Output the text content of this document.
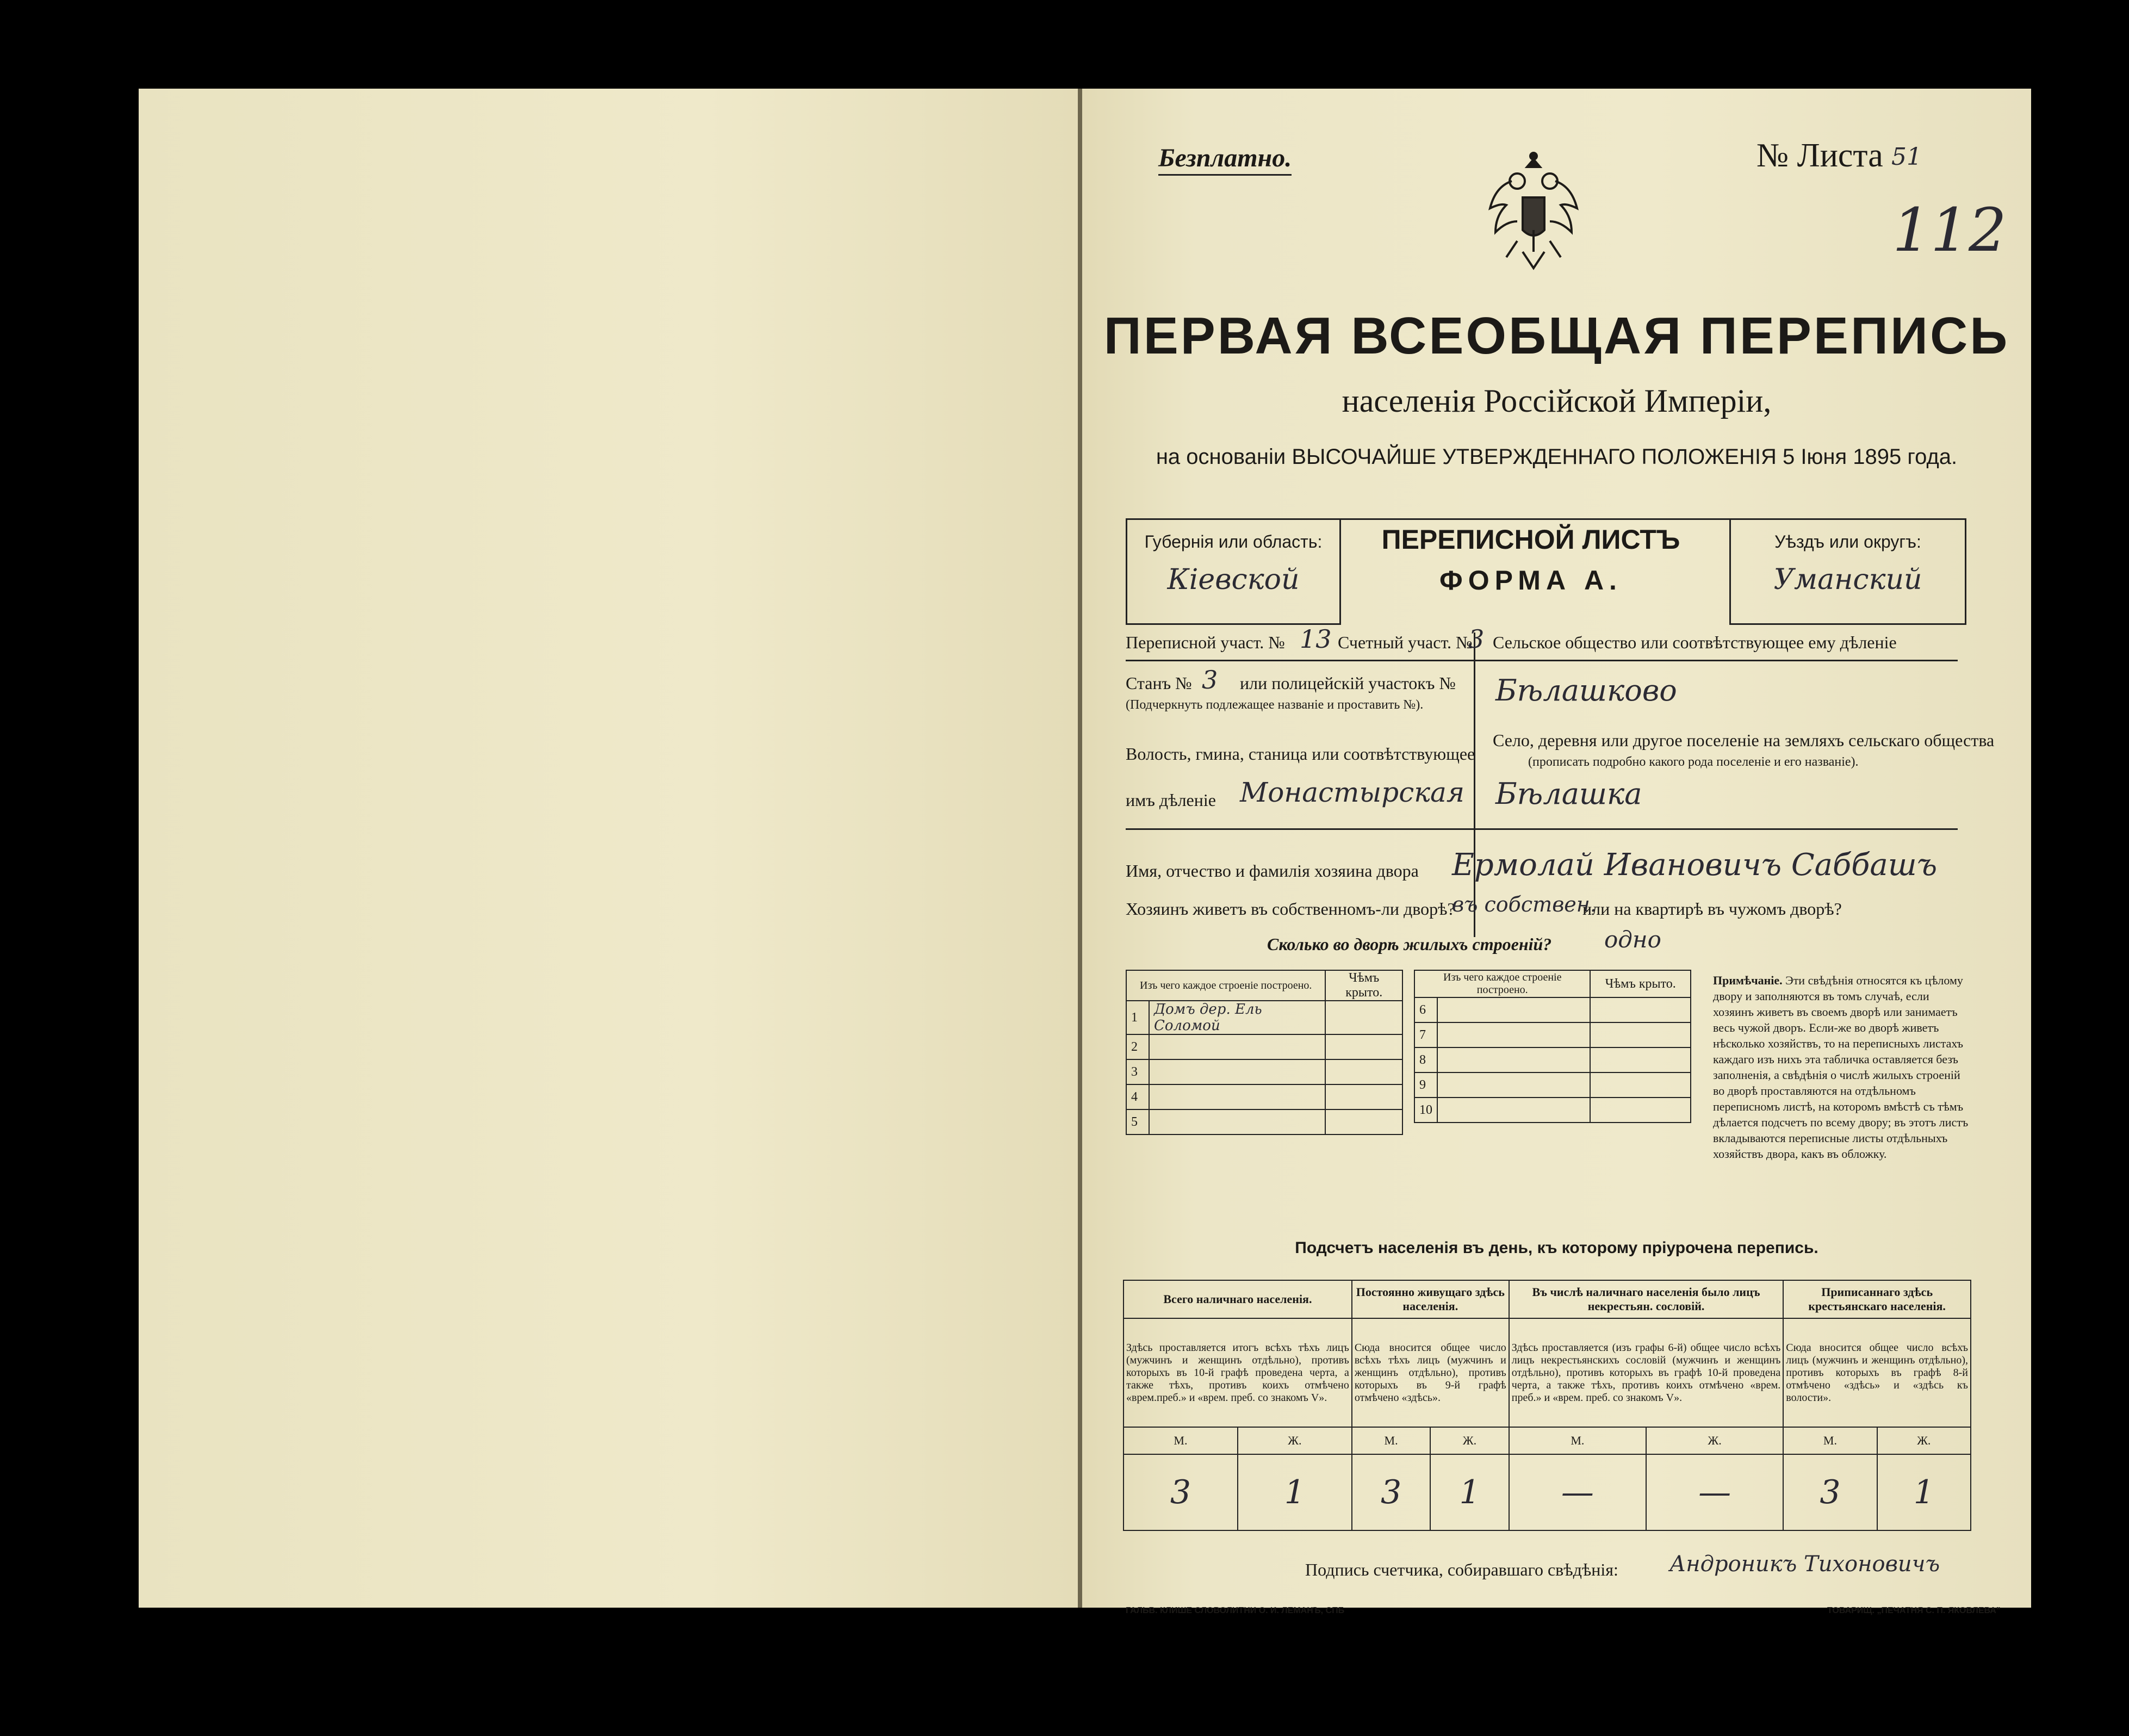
Безплатно.	№ Листа 51
112
ПЕРВАЯ ВСЕОБЩАЯ ПЕРЕПИСЬ
населенія Россійской Имперіи,
на основаніи ВЫСОЧАЙШЕ УТВЕРЖДЕННАГО ПОЛОЖЕНІЯ 5 Іюня 1895 года.
Губернія или область:
Кіевской
ПЕРЕПИСНОЙ ЛИСТЪ
ФОРМА А.
Уѣздъ или округъ:
Уманский
Переписной участ. № 13 Счетный участ. №
3
Станъ № 3 или полицейскій участокъ №
(Подчеркнуть подлежащее названіе и проставить №).
Волость, гмина, станица или соотвѣтствующее
имъ дѣленіе Монастырская
Сельское общество или соотвѣтствующее ему дѣленіе
Бѣлашково
Село, деревня или другое поселеніе на земляхъ сельскаго общества
(прописать подробно какого рода поселеніе и его названіе).
Бѣлашка
Имя, отчество и фамилія хозяина двора Ермолай Ивановичъ Саббашъ
Хозяинъ живетъ въ собственномъ-ли дворѣ?
въ собствен.
или на квартирѣ въ чужомъ дворѣ?
Сколько во дворѣ жилыхъ строеній? одно
Изъ чего каждое строеніе построено.		Чѣмъ крыто.
1	Домъ дер. Ель Соломой	
2		
3		
4		
5		
Изъ чего каждое строеніе построено.		Чѣмъ крыто.
6		
7		
8		
9		
10		
Примѣчаніе. Эти свѣдѣнія относятся къ цѣлому двору и заполняются въ томъ случаѣ, если хозяинъ живетъ въ своемъ дворѣ или занимаетъ весь чужой дворъ. Если-же во дворѣ живетъ нѣсколько хозяйствъ, то на переписныхъ листахъ каждаго изъ нихъ эта табличка оставляется безъ заполненія, а свѣдѣнія о числѣ жилыхъ строеній во дворѣ проставляются на отдѣльномъ переписномъ листѣ, на которомъ вмѣстѣ съ тѣмъ дѣлается подсчетъ по всему двору; въ этотъ листъ вкладываются переписные листы отдѣльныхъ хозяйствъ двора, какъ въ обложку.
Подсчетъ населенія въ день, къ которому пріурочена перепись.
Всего наличнаго населенія.		Постоянно живущаго здѣсь населенія.		Въ числѣ наличнаго населенія было лицъ некрестьян. сословій.		Приписаннаго здѣсь крестьянскаго населенія.	
Здѣсь проставляется итогъ всѣхъ тѣхъ лицъ (мужчинъ и женщинъ отдѣльно), противъ которыхъ въ 10-й графѣ проведена черта, а также тѣхъ, противъ коихъ отмѣчено «врем.преб.» и «врем. преб. со знакомъ V».		Сюда вносится общее число всѣхъ тѣхъ лицъ (мужчинъ и женщинъ отдѣльно), противъ которыхъ въ 9-й графѣ отмѣчено «здѣсь».		Здѣсь проставляется (изъ графы 6-й) общее число всѣхъ лицъ некрестьянскихъ сословій (мужчинъ и женщинъ отдѣльно), противъ которыхъ въ графѣ 10-й проведена черта, а также тѣхъ, противъ коихъ отмѣчено «врем. преб.» и «врем. преб. со знакомъ V».		Сюда вносится общее число всѣхъ лицъ (мужчинъ и женщинъ отдѣльно), противъ которыхъ въ графѣ 8-й отмѣчено «здѣсь» и «здѣсь къ волости».	
М.	Ж.	М.	Ж.	М.	Ж.	М.	Ж.
3	1	3	1	—	—	3	1
Подпись счетчика, собиравшаго свѣдѣнія: Андроникъ Тихоновичъ
ГАЛЬВ. КЛИШЕ СЛОВОЛИТНИ О. И. ЛЕМАНЪ, СПБ	ТОВАРИЩ. „ПЕЧАТНЯ С. П. ЯКОВЛЕВА"
